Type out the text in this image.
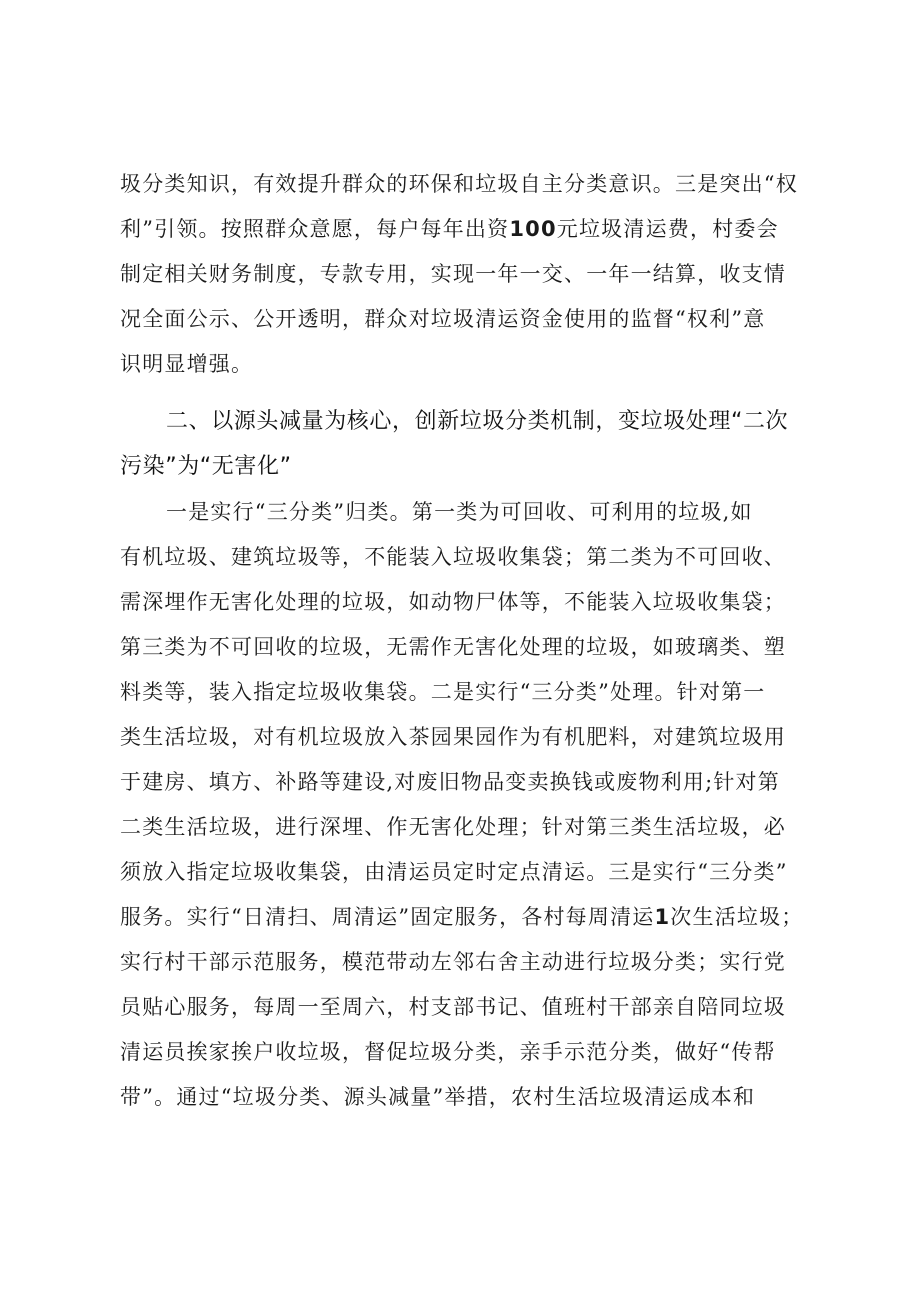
圾分类知识，有效提升群众的环保和垃圾自主分类意识。三是突出“权
利”引领。按照群众意愿，每户每年出资100元垃圾清运费，村委会
制定相关财务制度，专款专用，实现一年一交、一年一结算，收支情
况全面公示、公开透明，群众对垃圾清运资金使用的监督“权利”意
识明显增强。
二、以源头减量为核心，创新垃圾分类机制，变垃圾处理“二次
污染”为“无害化”
一是实行“三分类”归类。第一类为可回收、可利用的垃圾,如
有机垃圾、建筑垃圾等，不能装入垃圾收集袋；第二类为不可回收、
需深埋作无害化处理的垃圾，如动物尸体等，不能装入垃圾收集袋；
第三类为不可回收的垃圾，无需作无害化处理的垃圾，如玻璃类、塑
料类等，装入指定垃圾收集袋。二是实行“三分类”处理。针对第一
类生活垃圾，对有机垃圾放入茶园果园作为有机肥料，对建筑垃圾用
于建房、填方、补路等建设,对废旧物品变卖换钱或废物利用;针对第
二类生活垃圾，进行深埋、作无害化处理；针对第三类生活垃圾，必
须放入指定垃圾收集袋，由清运员定时定点清运。三是实行“三分类”
服务。实行“日清扫、周清运”固定服务，各村每周清运1次生活垃圾；
实行村干部示范服务，模范带动左邻右舍主动进行垃圾分类；实行党
员贴心服务，每周一至周六，村支部书记、值班村干部亲自陪同垃圾
清运员挨家挨户收垃圾，督促垃圾分类，亲手示范分类，做好“传帮
带”。通过“垃圾分类、源头减量”举措，农村生活垃圾清运成本和
